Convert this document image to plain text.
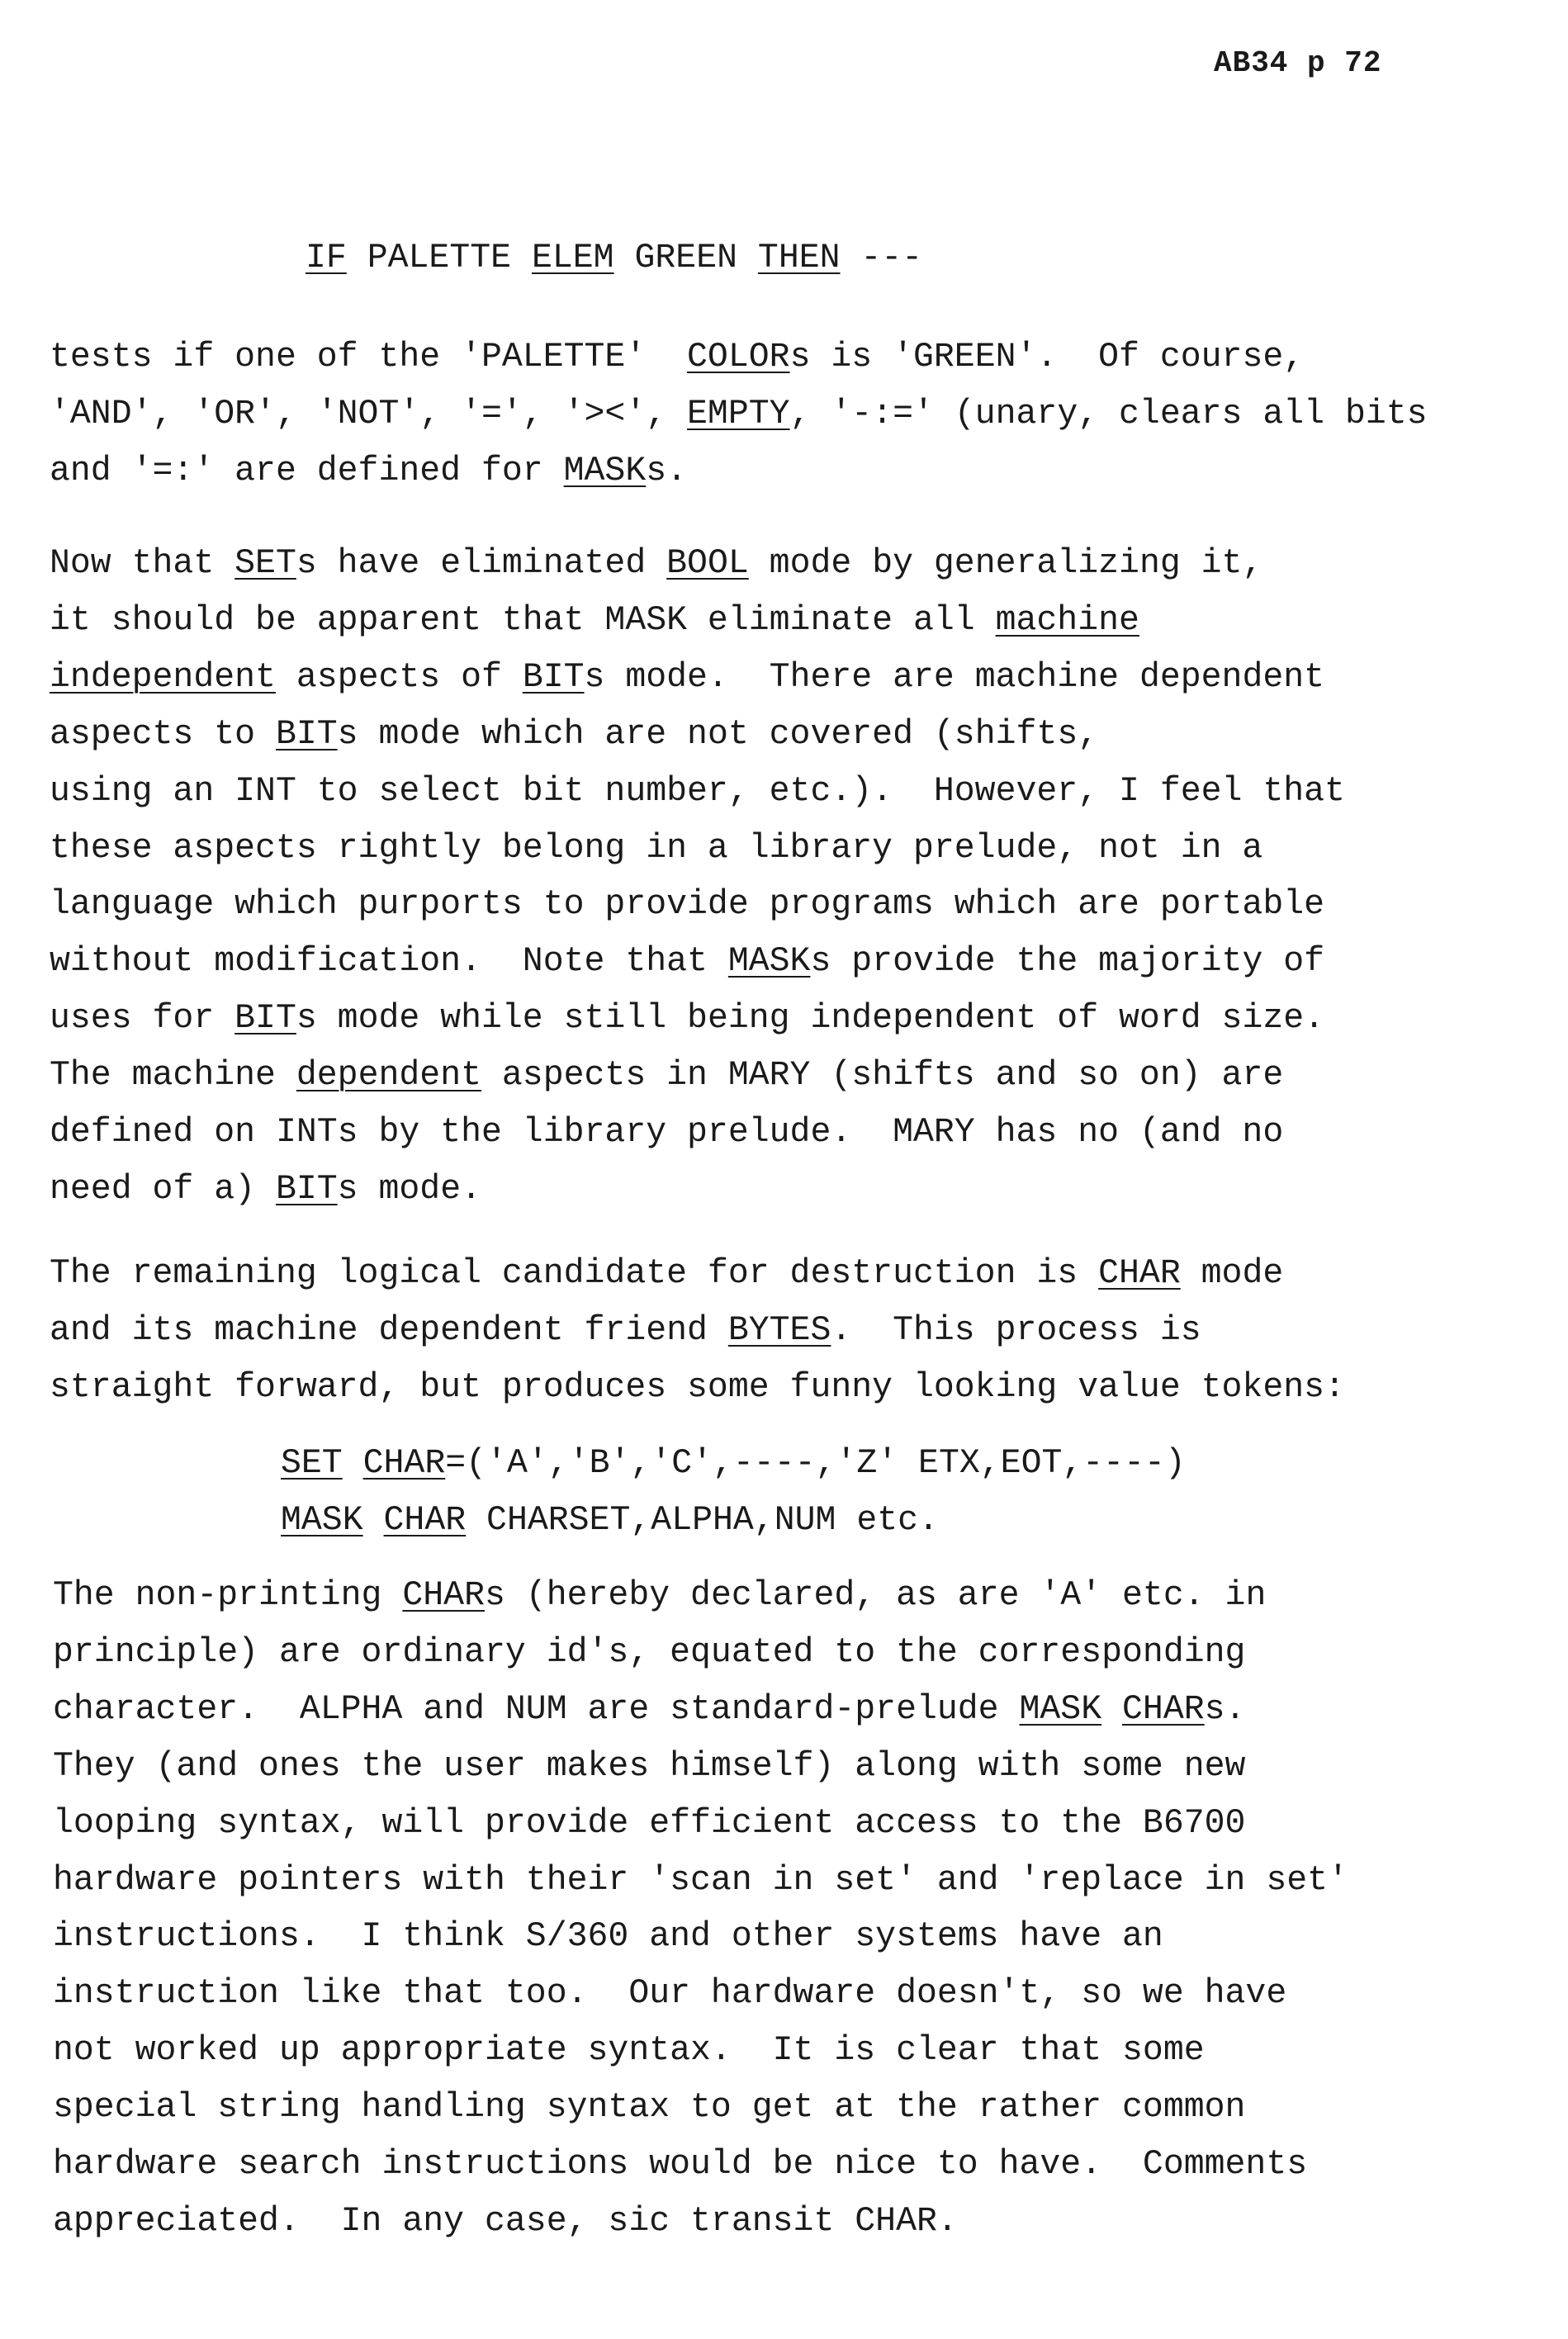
AB34 p 72
IF PALETTE ELEM GREEN THEN ---
tests if one of the 'PALETTE'  COLORs is 'GREEN'.  Of course,
'AND', 'OR', 'NOT', '=', '><', EMPTY, '-:=' (unary, clears all bits
and '=:' are defined for MASKs.
Now that SETs have eliminated BOOL mode by generalizing it,
it should be apparent that MASK eliminate all machine
independent aspects of BITs mode.  There are machine dependent
aspects to BITs mode which are not covered (shifts,
using an INT to select bit number, etc.).  However, I feel that
these aspects rightly belong in a library prelude, not in a
language which purports to provide programs which are portable
without modification.  Note that MASKs provide the majority of
uses for BITs mode while still being independent of word size.
The machine dependent aspects in MARY (shifts and so on) are
defined on INTs by the library prelude.  MARY has no (and no
need of a) BITs mode.
The remaining logical candidate for destruction is CHAR mode
and its machine dependent friend BYTES.  This process is
straight forward, but produces some funny looking value tokens:
SET CHAR=('A','B','C',----,'Z' ETX,EOT,----)
MASK CHAR CHARSET,ALPHA,NUM etc.
The non-printing CHARs (hereby declared, as are 'A' etc. in
principle) are ordinary id's, equated to the corresponding
character.  ALPHA and NUM are standard-prelude MASK CHARs.
They (and ones the user makes himself) along with some new
looping syntax, will provide efficient access to the B6700
hardware pointers with their 'scan in set' and 'replace in set'
instructions.  I think S/360 and other systems have an
instruction like that too.  Our hardware doesn't, so we have
not worked up appropriate syntax.  It is clear that some
special string handling syntax to get at the rather common
hardware search instructions would be nice to have.  Comments
appreciated.  In any case, sic transit CHAR.
